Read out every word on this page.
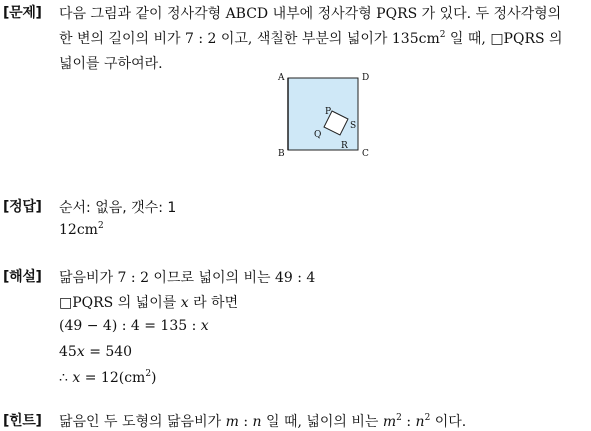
[문제] 다음 그림과 같이 정사각형 ABCD 내부에 정사각형 PQRS 가 있다. 두 정사각형의
한 변의 길이의 비가 7 : 2 이고, 색칠한 부분의 넓이가 $135cm^2$ 일 때, □PQRS 의
넓이를 구하여라.
A	D
B	C
P
S
Q
R
[정답] 순서: 없음, 갯수: 1
$12cm^2$
[해설] 닮음비가 7 : 2 이므로 넓이의 비는 49 : 4
□PQRS 의 넓이를 x 라 하면
(49 − 4) : 4 = 135 : x
45x = 540
∴ $x = 12(cm^2)$
[힌트] 닮음인 두 도형의 닮음비가 m : n 일 때, 넓이의 비는 $m^2$ : $n^2$ 이다.
